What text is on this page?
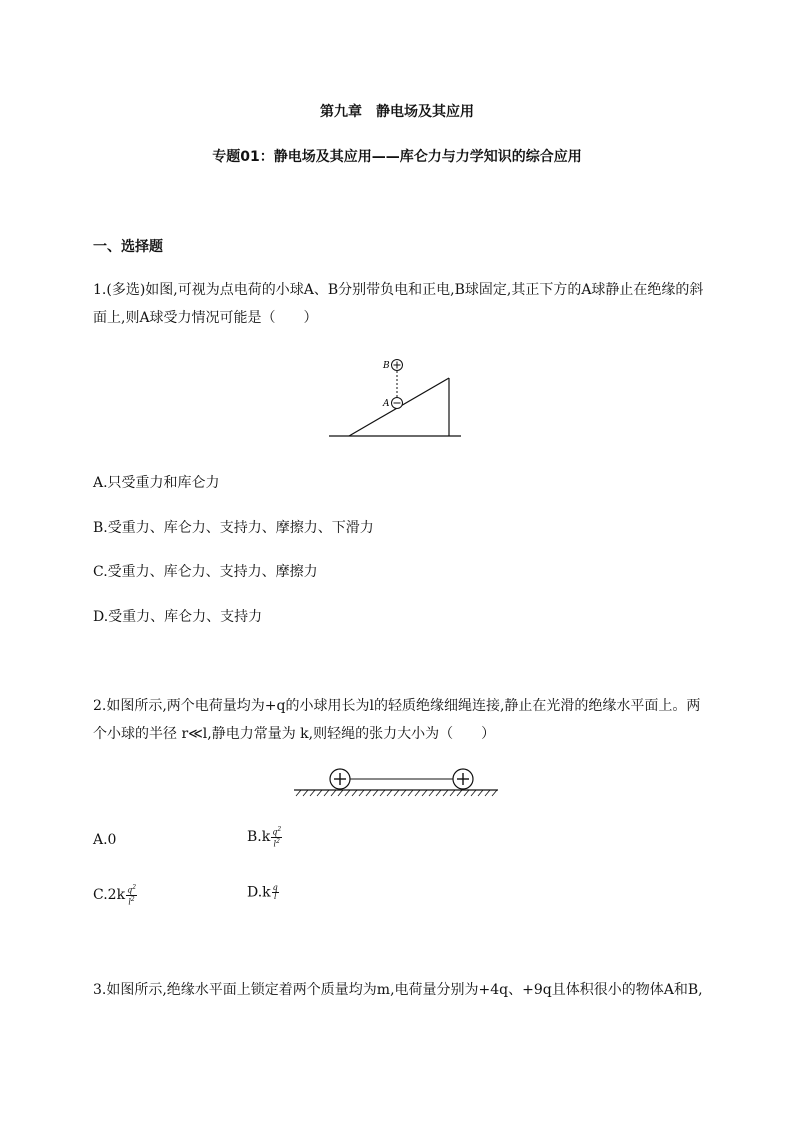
第九章　静电场及其应用
专题01：静电场及其应用——库仑力与力学知识的综合应用
一、选择题
1.(多选)如图,可视为点电荷的小球A、B分别带负电和正电,B球固定,其正下方的A球静止在绝缘的斜面上,则A球受力情况可能是（　　）
B
A
A.只受重力和库仑力
B.受重力、库仑力、支持力、摩擦力、下滑力
C.受重力、库仑力、支持力、摩擦力
D.受重力、库仑力、支持力
2.如图所示,两个电荷量均为+q的小球用长为l的轻质绝缘细绳连接,静止在光滑的绝缘水平面上。两个小球的半径 r≪l,静电力常量为 k,则轻绳的张力大小为（　　）
A.0	$B.k \frac{q^2}{l^2}$
$C.2k \frac{q^2}{l^2}$	$D.k \frac{q}{l}$
3.如图所示,绝缘水平面上锁定着两个质量均为m,电荷量分别为+4q、+9q且体积很小的物体A和B,
